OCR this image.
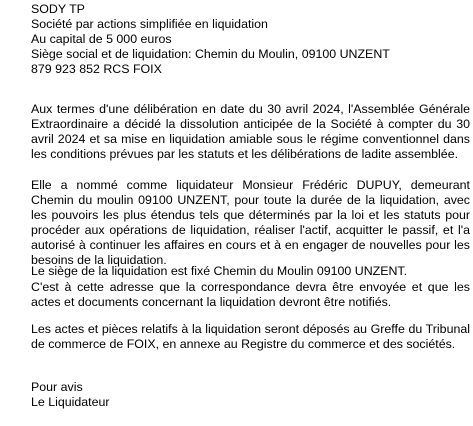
SODY TP
Société par actions simplifiée en liquidation
Au capital de 5 000 euros
Siège social et de liquidation: Chemin du Moulin, 09100 UNZENT
879 923 852 RCS FOIX
Aux termes d'une délibération en date du 30 avril 2024, l'Assemblée Générale Extraordinaire a décidé la dissolution anticipée de la Société à compter du 30 avril 2024 et sa mise en liquidation amiable sous le régime conventionnel dans les conditions prévues par les statuts et les délibérations de ladite assemblée.
Elle a nommé comme liquidateur Monsieur Frédéric DUPUY, demeurant Chemin du moulin 09100 UNZENT, pour toute la durée de la liquidation, avec les pouvoirs les plus étendus tels que déterminés par la loi et les statuts pour procéder aux opérations de liquidation, réaliser l'actif, acquitter le passif, et l'a autorisé à continuer les affaires en cours et à en engager de nouvelles pour les besoins de la liquidation.
Le siège de la liquidation est fixé Chemin du Moulin 09100 UNZENT.
C'est à cette adresse que la correspondance devra être envoyée et que les actes et documents concernant la liquidation devront être notifiés.
Les actes et pièces relatifs à la liquidation seront déposés au Greffe du Tribunal de commerce de FOIX, en annexe au Registre du commerce et des sociétés.
Pour avis
Le Liquidateur
